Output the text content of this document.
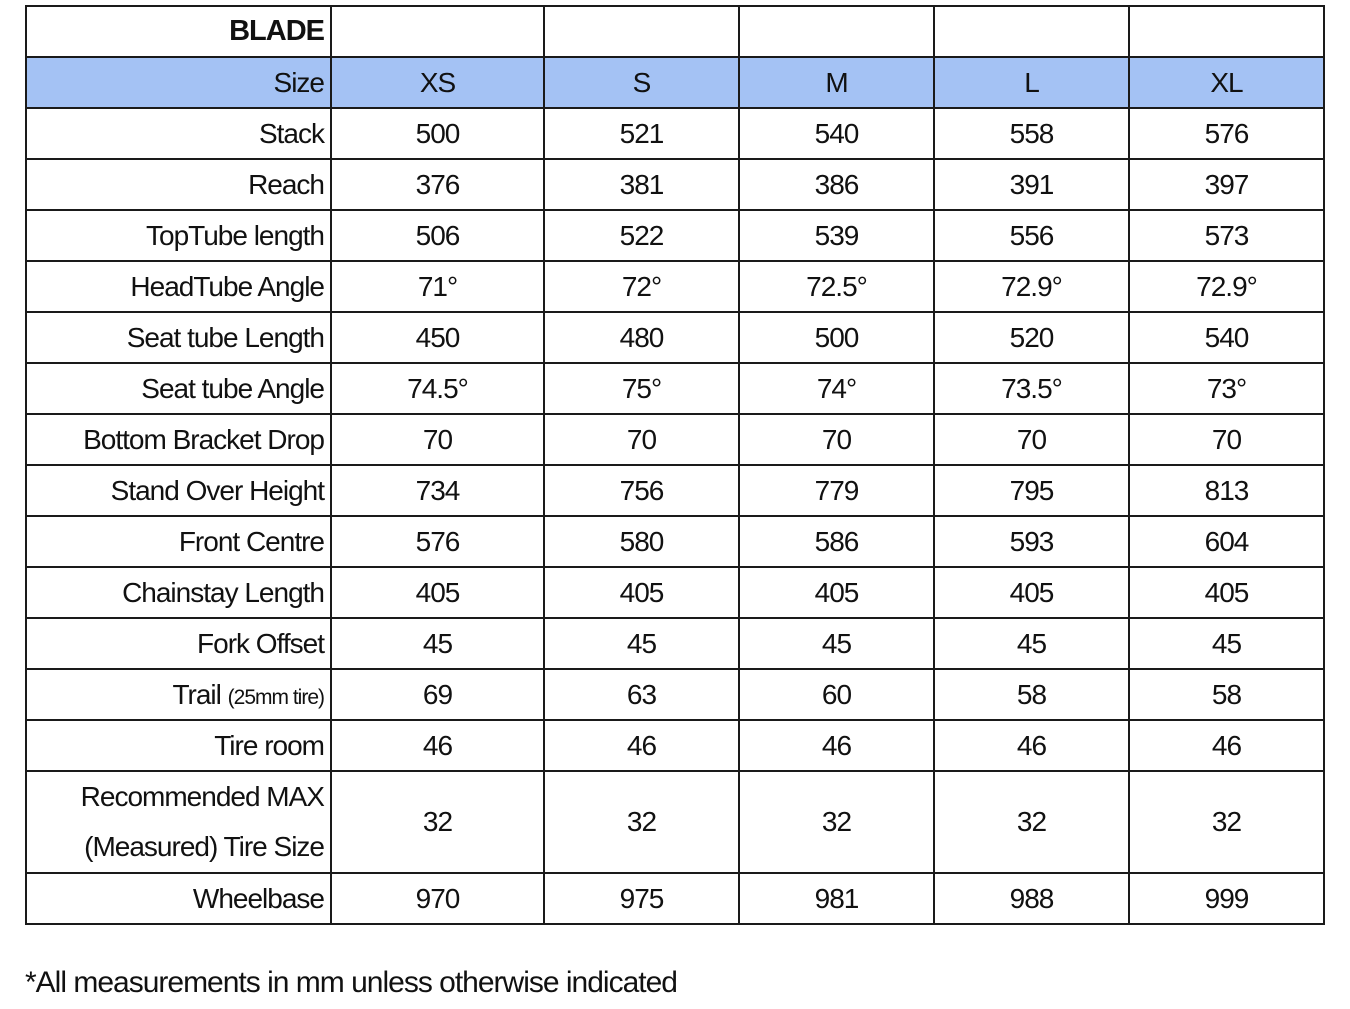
BLADE					
Size	XS	S	M	L	XL
Stack	500	521	540	558	576
Reach	376	381	386	391	397
TopTube length	506	522	539	556	573
HeadTube Angle	71°	72°	72.5°	72.9°	72.9°
Seat tube Length	450	480	500	520	540
Seat tube Angle	74.5°	75°	74°	73.5°	73°
Bottom Bracket Drop	70	70	70	70	70
Stand Over Height	734	756	779	795	813
Front Centre	576	580	586	593	604
Chainstay Length	405	405	405	405	405
Fork Offset	45	45	45	45	45
Trail (25mm tire)	69	63	60	58	58
Tire room	46	46	46	46	46
Recommended MAX (Measured) Tire Size	32	32	32	32	32
Wheelbase	970	975	981	988	999
*All measurements in mm unless otherwise indicated
